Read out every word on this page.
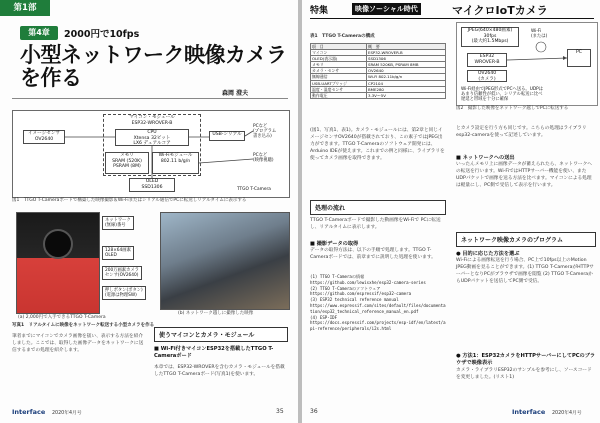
第1部
第4章	2000円で10fps
小型ネットワーク映像カメラ
を作る
森岡 澄夫
マイコン・モジュール
ESP32-WROVER-B
CPU
Xtensa 32ビット
LX6 デュアルコア
メモリ
SRAM (520K)
PSRAM (8M)
Wi-Fiモジュール
802.11 b/g/n
イメージセンサ
OV2640
USB-シリアル
OLED
SSD1306
PCなど
(プログラム
書き込み)
PCなど
(映像視聴)
TTGO T-Camera
図1　TTGO T-Cameraボードで構築した映像撮影＆Wi-Fiまたはシリアル通信でPCに転送しリアルタイムに表示する
ネットワーク
(無線)番号
128×64画素
OLED
200万画素カメラ
センサ(OV2640)
押しボタン(ボタン)
(電源は物理SW)
(a) 2,000円で入手できるTTGO T-Camera
(b) ネットワーク越しに撮像した映像
写真1　リアルタイムに映像をネットワーク転送する小型カメラを作る
筆者までにマイコンでカメラ画像を扱い、表示する方法を紹介しました。ここでは、取得した画像データをネットワークに送信するまでの処理を紹介します。
使うマイコンとカメラ・モジュール
■ Wi-Fi付きマイコンESP32を搭載したTTGO T-Cameraボード
本章では、ESP32-WROVERを含むカメラ・モジュールを搭載したTTGO T-Cameraボード(写真1)を使います。
Interface 2020年4月号	35
特集	映像ソーシャル時代	マイクロIoTカメラ
表1　TTGO T-Cameraの構成
項　目	概　要
マイコン	ESP32-WROVER-B
OLED(表示器)	SSD1306
メモリ	SRAM 520KB, PSRAM 8MB
カメラ・センサ	OV2640
無線通信	Wi-Fi 802.11b/g/n
USB-UARTブリッジ	CP2104
温度・湿度センサ	BME280
動作電圧	3.3V〜5V
JPEG(640×480画素)
30fps
(最大約1.5Mbps)
ESP32
WROVER-B
OV2640
(カメラ)
Wi-Fi
(または)
PC
Wi-Fi経由でJPEG形式でPCへ送る。UDPは
あまり信頼性が低い。シリアル転送に比べ
遅延と帯域を十分に確保
図2　撮影した映像をネットワーク越しでPCに転送する
(図1、写真1、表1)。カメラ・モジュールには、第2章と同じイメージセンサOV2640が搭載されており、この素子ではJPEG出力ができます。TTGO T-Cameraのソフトウェア開発には、Arduino IDEが使えます。これまでの例と同様に、ライブラリを使ってカメラ画像を取得できます。
処理の流れ
TTGO T-Cameraボードで撮影した動画像をWi-Fiで PCに転送し、リアルタイムに表示します。
■ 撮影データの取得
データの取得方法は、以下の手順で処理します。TTGO T-Cameraボードでは、前章までに説明した処理を使います。
(1) TTGO T-Cameraの情報
https://github.com/lewisxhe/esp32-camera-series
(2) TTGO T-Cameraのソフトウェア
https://github.com/espressif/esp32-camera
(3) ESP32 technical reference manual
https://www.espressif.com/sites/default/files/documentation/esp32_technical_reference_manual_en.pdf
(4) ESP-IDF
https://docs.espressif.com/projects/esp-idf/en/latest/api-reference/peripherals/i2s.html
とカメラ設定を行う方も同じです。こちらの処理はライブラリesp32-cameraを使って記述しています。
■ ネットワークへの送出
いったんメモリ上に画像データが蓄えられたら、ネットワークへの転送を行います。Wi-FiではHTTPサーバー機能を使い、またUDPパケットで画像を送る方法を比べます。マイコンによる処理は軽量にし、PC側で受信して表示を行います。
ネットワーク映像カメラのプログラム
● 目的に応じた方法を選ぶ
Wi-Fiによる画像転送を行う場合、PC上で10fps以上のMotion JPEG動画を見ることができます。(1) TTGO T-CameraがHTTPサーバーとなりPCがブラウザで画像を閲覧 (2) TTGO T-CameraからUDPパケットを送信してPC側で受信。
● 方法1：ESP32カメラをHTTPサーバーにしてPCのブラウザで映像表示
カメラ・ライブラリESP32のサンプルを参考にし、ソースコードを変更しました。(リスト1)
36	Interface 2020年4月号
